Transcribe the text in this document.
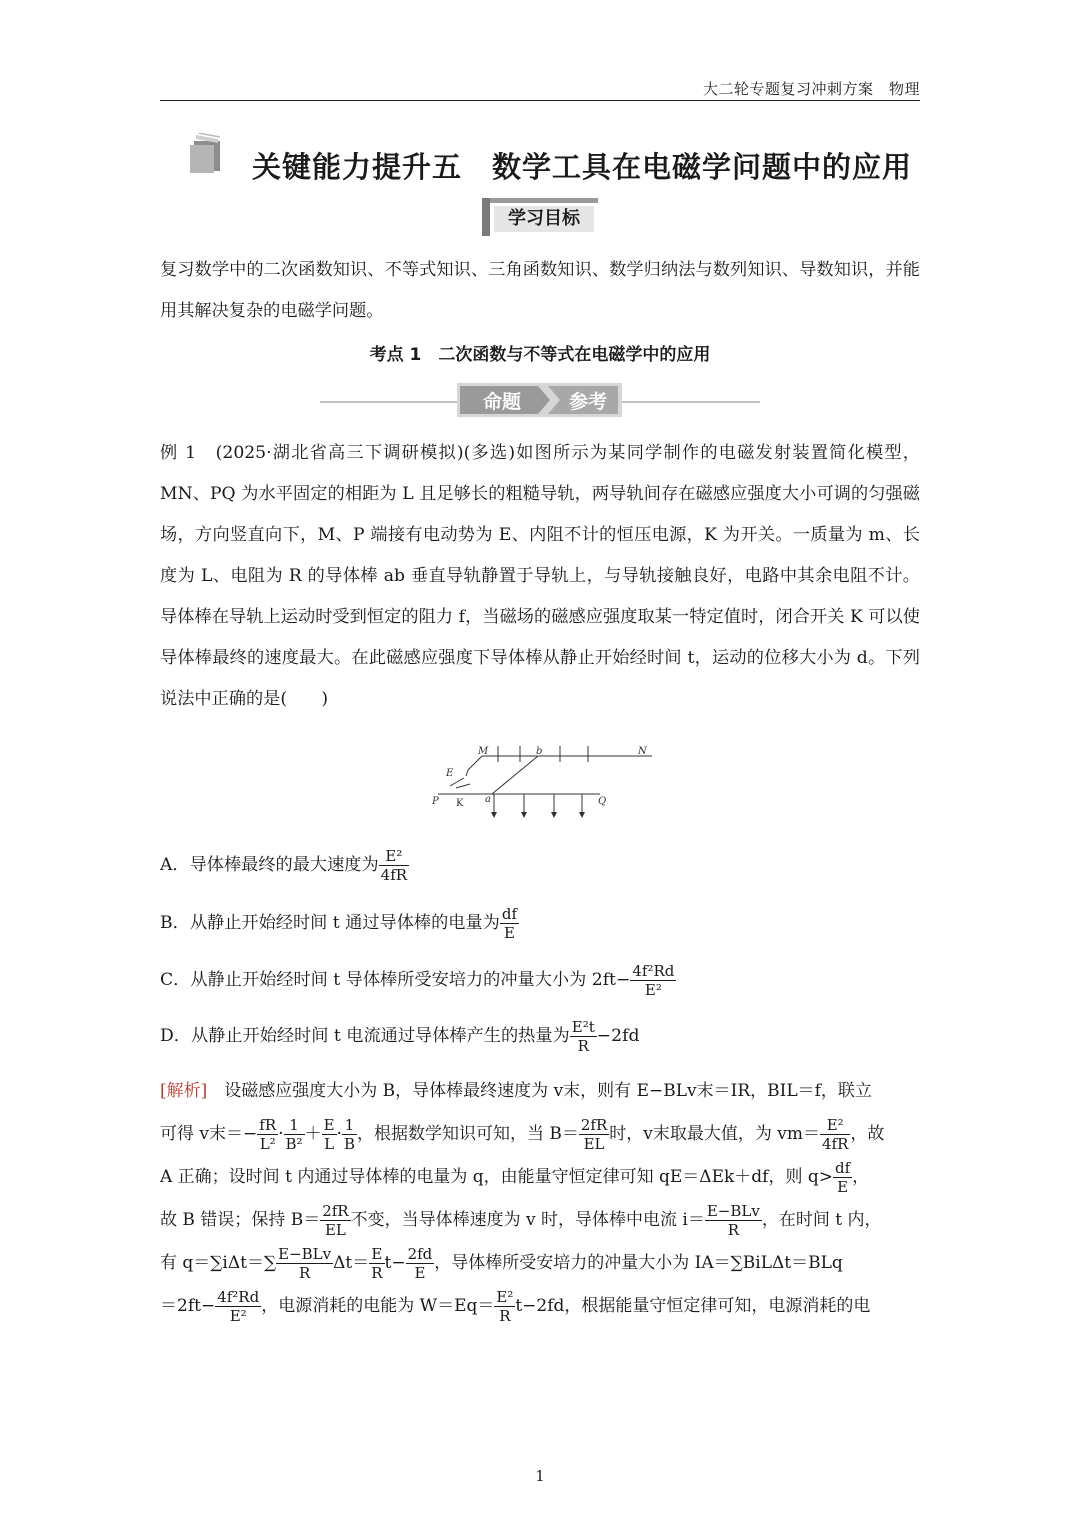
大二轮专题复习冲刺方案　物理
关键能力提升五　数学工具在电磁学问题中的应用
学习目标

复习数学中的二次函数知识、不等式知识、三角函数知识、数学归纳法与数列知识、导数知识，并能用其解决复杂的电磁学问题。

考点 1　二次函数与不等式在电磁学中的应用
命题	参考

例 1　 (2025·湖北省高三下调研模拟)(多选)如图所示为某同学制作的电磁发射装置简化模型，MN、PQ 为水平固定的相距为 L 且足够长的粗糙导轨，两导轨间存在磁感应强度大小可调的匀强磁场，方向竖直向下，M、P 端接有电动势为 E、内阻不计的恒压电源，K 为开关。一质量为 m、长度为 L、电阻为 R 的导体棒 ab 垂直导轨静置于导轨上，与导轨接触良好，电路中其余电阻不计。导体棒在导轨上运动时受到恒定的阻力 f，当磁场的磁感应强度取某一特定值时，闭合开关 K 可以使导体棒最终的速度最大。在此磁感应强度下导体棒从静止开始经时间 t，运动的位移大小为 d。下列说法中正确的是(　　)

M	b	N
E
P	a	Q
K
A．导体棒最终的最大速度为 $\frac{\text{E²}}{4fR}$
B．从静止开始经时间 t 通过导体棒的电量为 $\frac{df}{E}$
C．从静止开始经时间 t 导体棒所受安培力的冲量大小为 $2ft- \frac{\text{4f²Rd}}{\text{E²}}$
D．从静止开始经时间 t 电流通过导体棒产生的热量为 $\frac{\text{E²t}}{R} -2fd$
[解析]　 设磁感应强度大小为 B，导体棒最终速度为 v末，则有 E−BLv末＝IR，BIL＝f，联立
可得 v末＝− $\frac{fR}{\text{L²}} \cdot \frac{1}{\text{B²}} + \frac{E}{L} \cdot \frac{1}{B}$ ，根据数学知识可知，当 $B= \frac{2fR}{EL}$ 时，v末取最大值，为 $vm= \frac{\text{E²}}{4fR}$ ，故
A 正确；设时间 t 内通过导体棒的电量为 q，由能量守恒定律可知 qE＝ΔEk＋df，则 $q> \frac{df}{E}$ ，
故 B 错误；保持 $B= \frac{2fR}{EL}$ 不变，当导体棒速度为 v 时，导体棒中电流 $i= \frac{\text{E−BLv}}{R}$ ，在时间 t 内，
有 $q=\sum i\Delta t=\sum \frac{\text{E−BLv}}{R} \Delta t= \frac{E}{R} t- \frac{2fd}{E}$ ，导体棒所受安培力的冲量大小为 IA＝∑BiLΔt＝BLq
$=2ft- \frac{\text{4f²Rd}}{\text{E²}}$ ，电源消耗的电能为 $W=Eq= \frac{\text{E²}}{R} t-2fd$，根据能量守恒定律可知，电源消耗的电
1
